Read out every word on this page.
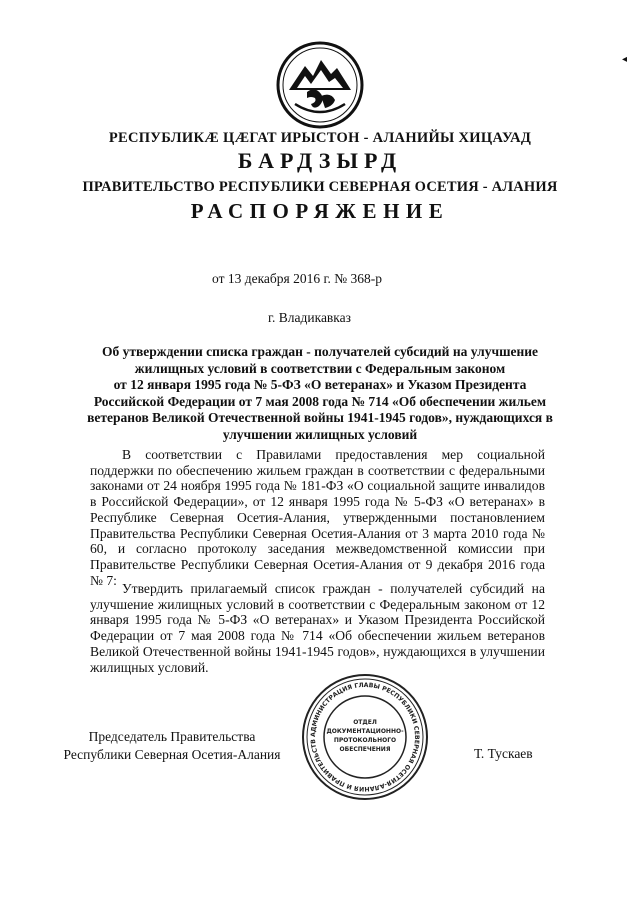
◂
РЕСПУБЛИКÆ ЦÆГАТ ИРЫСТОН - АЛАНИЙЫ ХИЦАУАД
БАРДЗЫРД
ПРАВИТЕЛЬСТВО РЕСПУБЛИКИ СЕВЕРНАЯ ОСЕТИЯ - АЛАНИЯ
РАСПОРЯЖЕНИЕ
от 13 декабря 2016 г. № 368-р
г. Владикавказ
Об утверждении списка граждан - получателей субсидий на улучшение
жилищных условий в соответствии с Федеральным законом
от 12 января 1995 года № 5-ФЗ «О ветеранах» и Указом Президента
Российской Федерации от 7 мая 2008 года № 714 «Об обеспечении жильем
ветеранов Великой Отечественной войны 1941-1945 годов», нуждающихся в
улучшении жилищных условий
В соответствии с Правилами предоставления мер социальной поддержки по обеспечению жильем граждан в соответствии с федеральными законами от 24 ноября 1995 года № 181-ФЗ «О социальной защите инвалидов в Российской Федерации», от 12 января 1995 года № 5-ФЗ «О ветеранах» в Республике Северная Осетия-Алания, утвержденными постановлением Правительства Республики Северная Осетия-Алания от 3 марта 2010 года № 60, и согласно протоколу заседания межведомственной комиссии при Правительстве Республики Северная Осетия-Алания от 9 декабря 2016 года № 7:
Утвердить прилагаемый список граждан - получателей субсидий на улучшение жилищных условий в соответствии с Федеральным законом от 12 января 1995 года № 5-ФЗ «О ветеранах» и Указом Президента Российской Федерации от 7 мая 2008 года № 714 «Об обеспечении жильем ветеранов Великой Отечественной войны 1941-1945 годов», нуждающихся в улучшении жилищных условий.
Председатель Правительства
Республики Северная Осетия-Алания	Т. Тускаев
АДМИНИСТРАЦИЯ ГЛАВЫ РЕСПУБЛИКИ СЕВЕРНАЯ ОСЕТИЯ-АЛАНИЯ И ПРАВИТЕЛЬСТВ
ОТДЕЛ
ДОКУМЕНТАЦИОННО-
ПРОТОКОЛЬНОГО
ОБЕСПЕЧЕНИЯ
